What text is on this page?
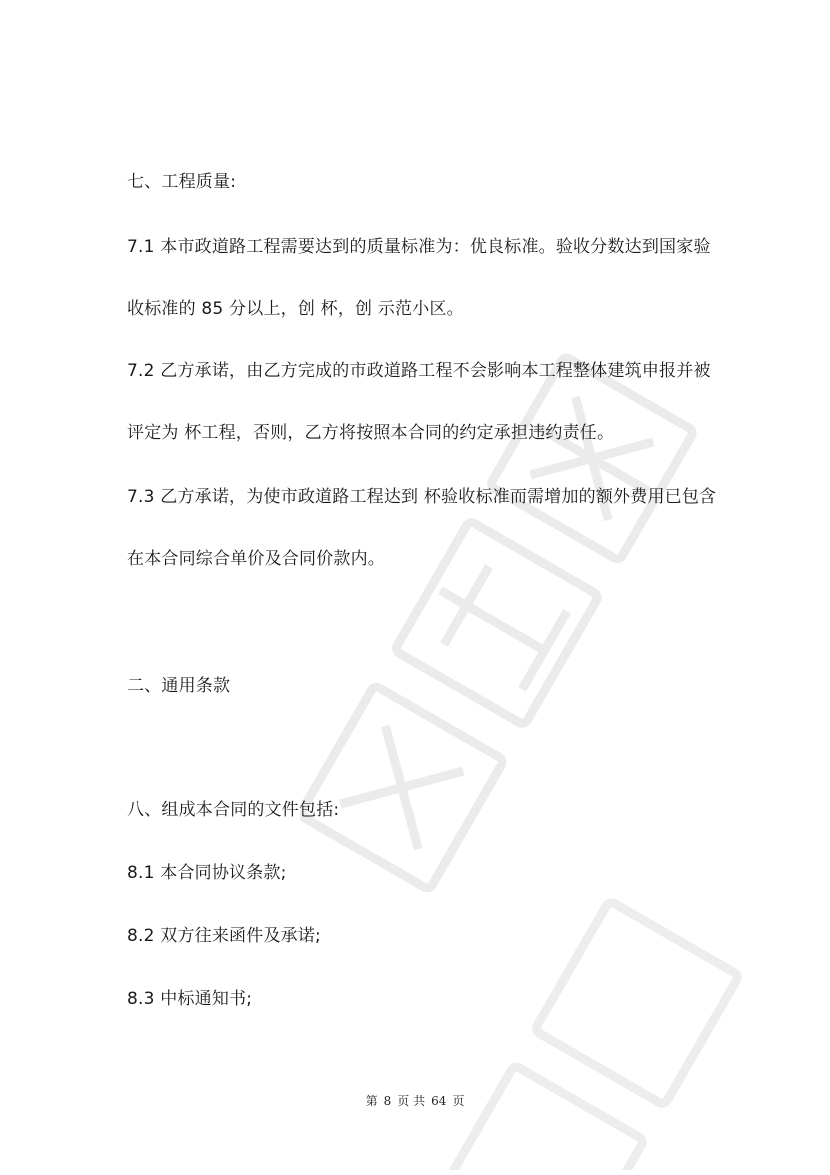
七、工程质量:
7.1 本市政道路工程需要达到的质量标准为：优良标准。验收分数达到国家验
收标准的 85 分以上，创 杯，创 示范小区。
7.2 乙方承诺，由乙方完成的市政道路工程不会影响本工程整体建筑申报并被
评定为 杯工程，否则，乙方将按照本合同的约定承担违约责任。
7.3 乙方承诺，为使市政道路工程达到 杯验收标准而需增加的额外费用已包含
在本合同综合单价及合同价款内。
二、通用条款
八、组成本合同的文件包括:
8.1 本合同协议条款;
8.2 双方往来函件及承诺;
8.3 中标通知书;
第 8 页 共 64 页
